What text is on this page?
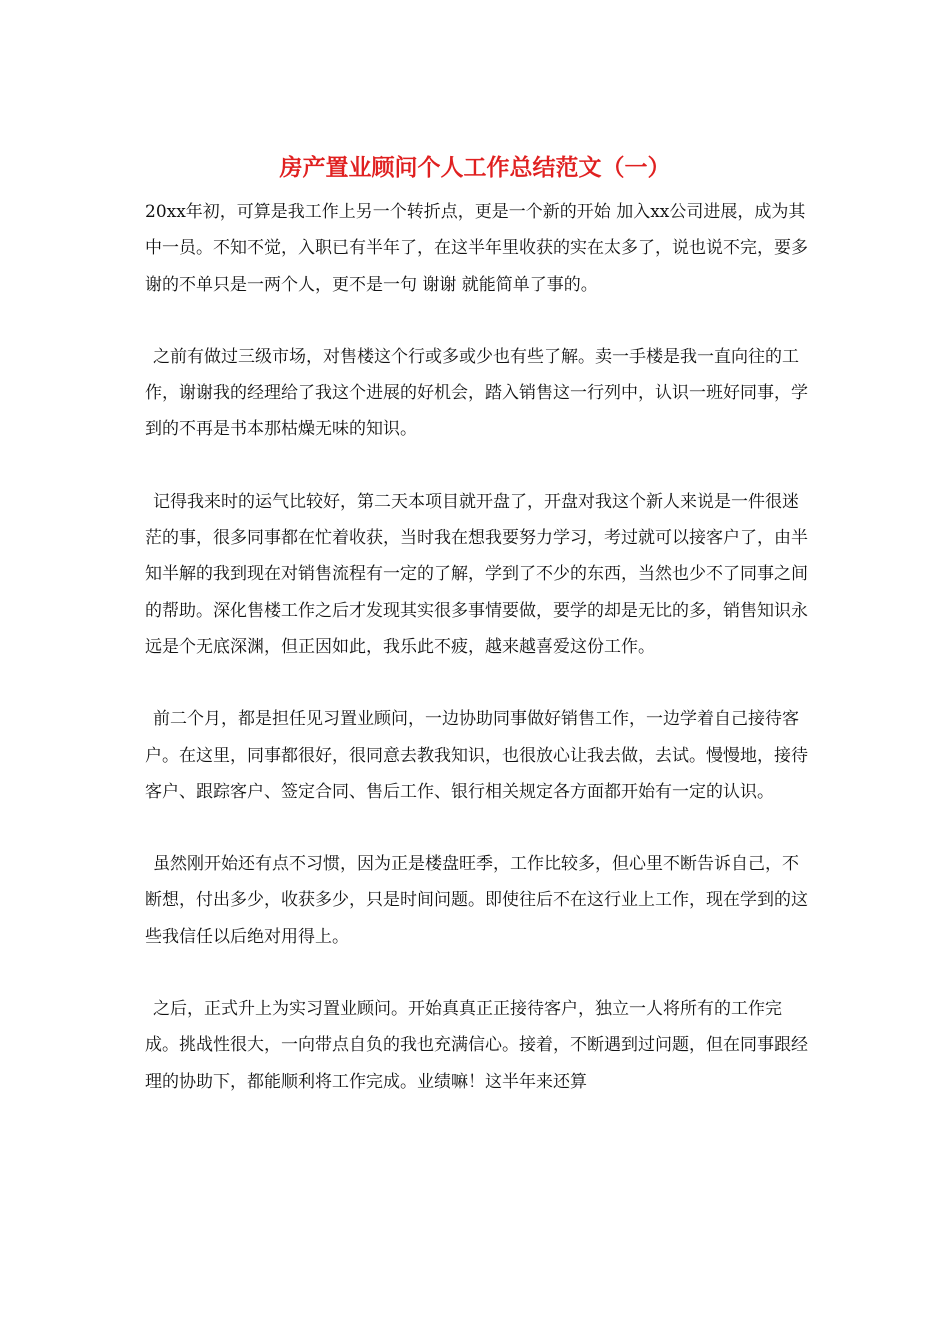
房产置业顾问个人工作总结范文（一）

20xx年初，可算是我工作上另一个转折点，更是一个新的开始 加入xx公司进展，成为其中一员。不知不觉，入职已有半年了，在这半年里收获的实在太多了，说也说不完，要多谢的不单只是一两个人，更不是一句 谢谢 就能简单了事的。

之前有做过三级市场，对售楼这个行或多或少也有些了解。卖一手楼是我一直向往的工作，谢谢我的经理给了我这个进展的好机会，踏入销售这一行列中，认识一班好同事，学到的不再是书本那枯燥无味的知识。

记得我来时的运气比较好，第二天本项目就开盘了，开盘对我这个新人来说是一件很迷茫的事，很多同事都在忙着收获，当时我在想我要努力学习，考过就可以接客户了，由半知半解的我到现在对销售流程有一定的了解，学到了不少的东西，当然也少不了同事之间的帮助。深化售楼工作之后才发现其实很多事情要做，要学的却是无比的多，销售知识永远是个无底深渊，但正因如此，我乐此不疲，越来越喜爱这份工作。

前二个月，都是担任见习置业顾问，一边协助同事做好销售工作，一边学着自己接待客户。在这里，同事都很好，很同意去教我知识，也很放心让我去做，去试。慢慢地，接待客户、跟踪客户、签定合同、售后工作、银行相关规定各方面都开始有一定的认识。

虽然刚开始还有点不习惯，因为正是楼盘旺季，工作比较多，但心里不断告诉自己，不断想，付出多少，收获多少，只是时间问题。即使往后不在这行业上工作，现在学到的这些我信任以后绝对用得上。

之后，正式升上为实习置业顾问。开始真真正正接待客户，独立一人将所有的工作完成。挑战性很大，一向带点自负的我也充满信心。接着，不断遇到过问题，但在同事跟经理的协助下，都能顺利将工作完成。业绩嘛！这半年来还算
